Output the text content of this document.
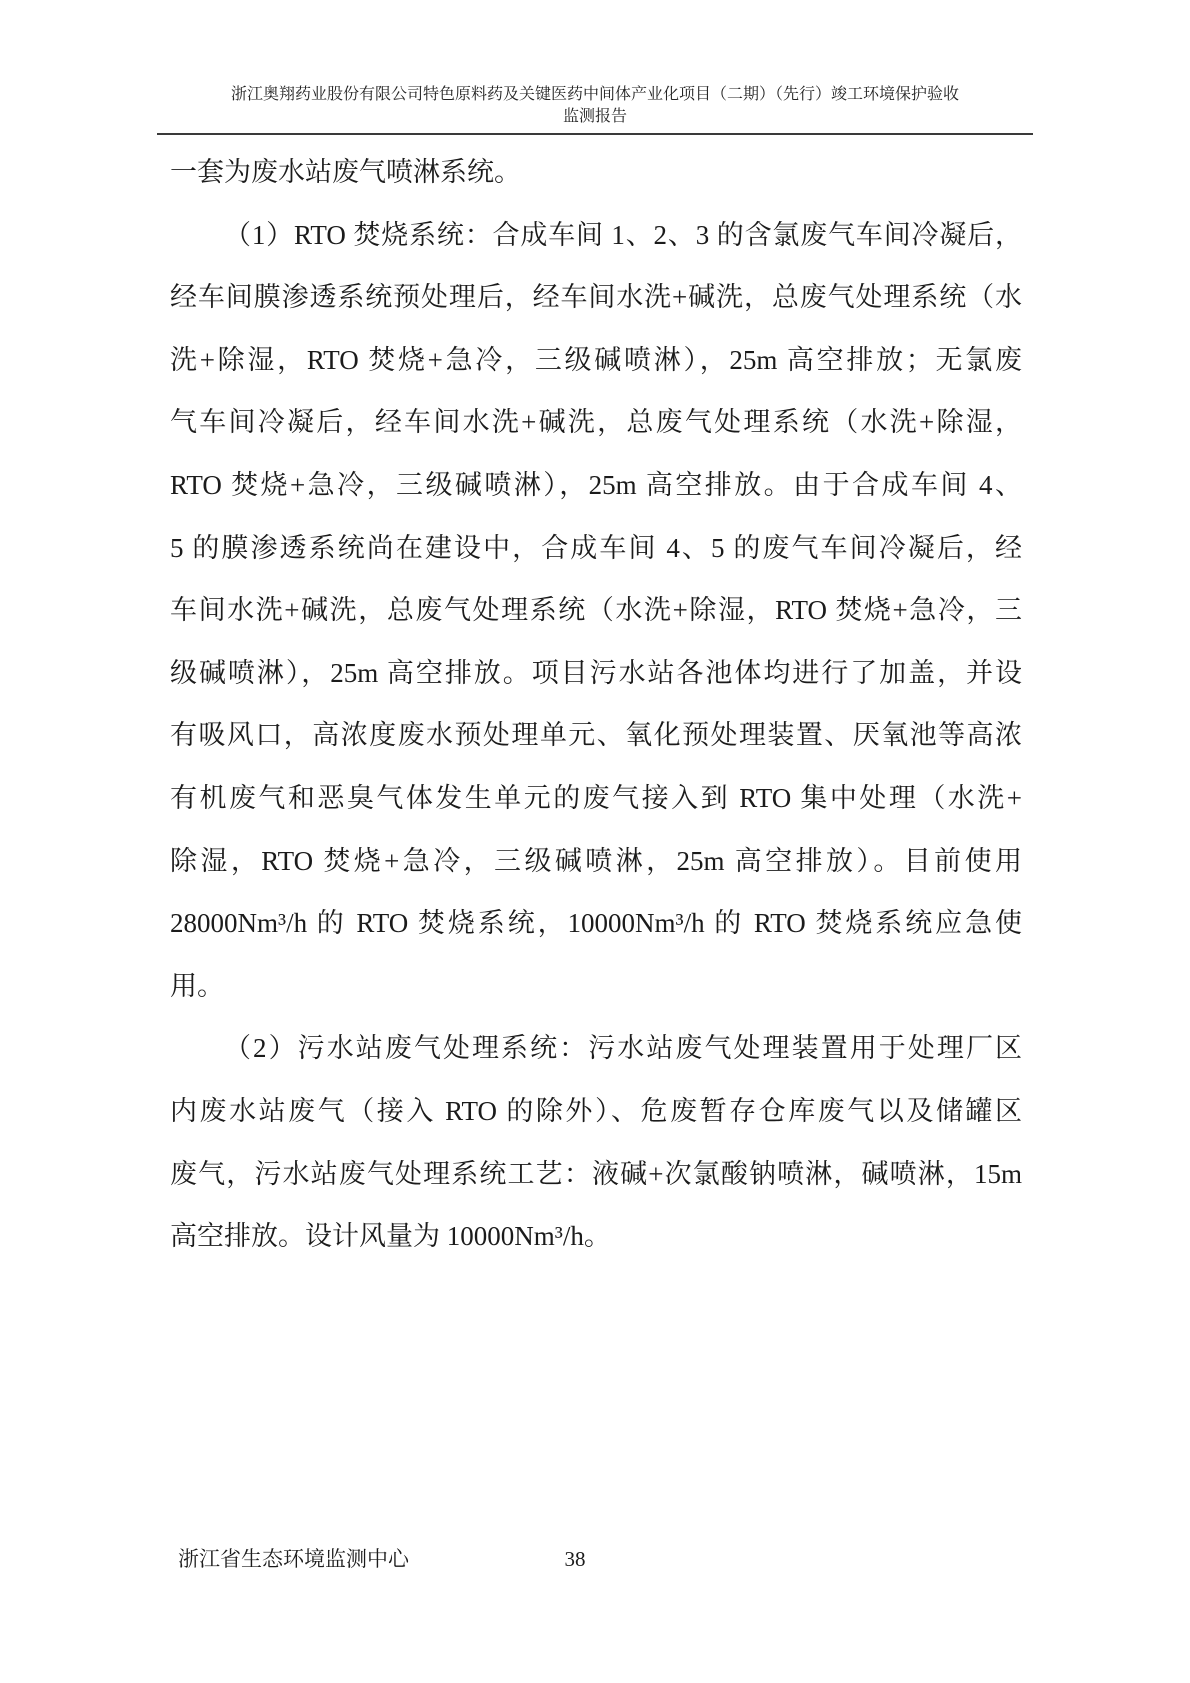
浙江奥翔药业股份有限公司特色原料药及关键医药中间体产业化项目（二期）（先行）竣工环境保护验收
监测报告
一套为废水站废气喷淋系统。
（1）RTO 焚烧系统：合成车间 1、2、3 的含氯废气车间冷凝后，
经车间膜渗透系统预处理后，经车间水洗+碱洗，总废气处理系统（水
洗+除湿，RTO 焚烧+急冷，三级碱喷淋），25m 高空排放；无氯废
气车间冷凝后，经车间水洗+碱洗，总废气处理系统（水洗+除湿，
RTO 焚烧+急冷，三级碱喷淋），25m 高空排放。由于合成车间 4、
5 的膜渗透系统尚在建设中，合成车间 4、5 的废气车间冷凝后，经
车间水洗+碱洗，总废气处理系统（水洗+除湿，RTO 焚烧+急冷，三
级碱喷淋），25m 高空排放。项目污水站各池体均进行了加盖，并设
有吸风口，高浓度废水预处理单元、氧化预处理装置、厌氧池等高浓
有机废气和恶臭气体发生单元的废气接入到 RTO 集中处理（水洗+
除湿，RTO 焚烧+急冷，三级碱喷淋，25m 高空排放）。目前使用
28000Nm³/h 的 RTO 焚烧系统，10000Nm³/h 的 RTO 焚烧系统应急使
用。
（2）污水站废气处理系统：污水站废气处理装置用于处理厂区
内废水站废气（接入 RTO 的除外）、危废暂存仓库废气以及储罐区
废气，污水站废气处理系统工艺：液碱+次氯酸钠喷淋，碱喷淋，15m
高空排放。设计风量为 10000Nm³/h。
浙江省生态环境监测中心	38
